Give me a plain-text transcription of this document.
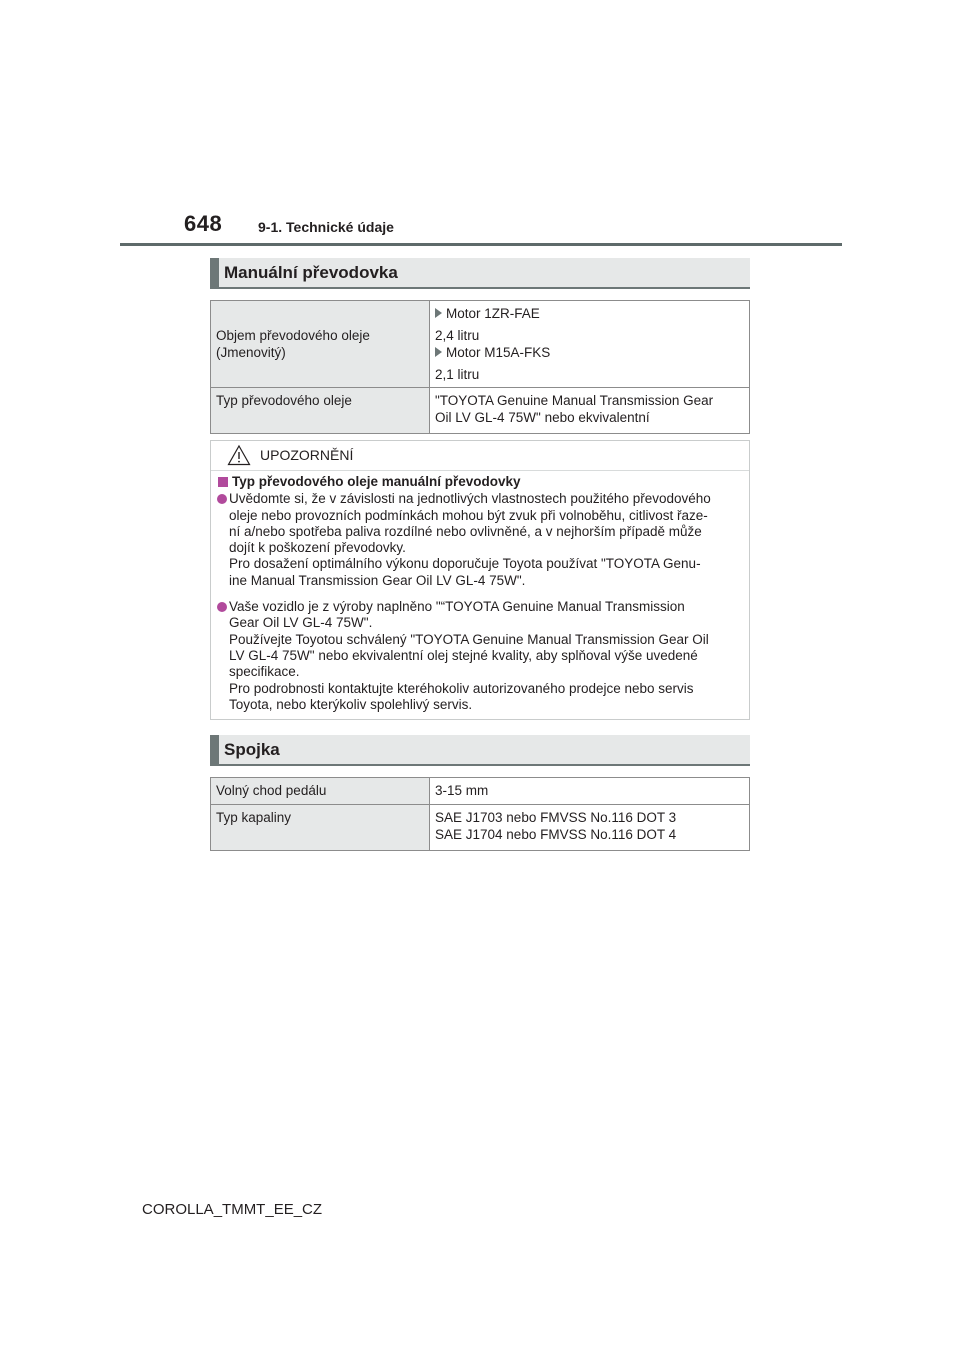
648	9-1. Technické údaje
Manuální převodovka
Objem převodového oleje
(Jmenovitý)	Motor 1ZR-FAE
2,4 litru
Motor M15A-FKS
2,1 litru

Typ převodového oleje	"TOYOTA Genuine Manual Transmission Gear
Oil LV GL-4 75W" nebo ekvivalentní
UPOZORNĚNÍ
Typ převodového oleje manuální převodovky
Uvědomte si, že v závislosti na jednotlivých vlastnostech použitého převodového
oleje nebo provozních podmínkách mohou být zvuk při volnoběhu, citlivost řaze-
ní a/nebo spotřeba paliva rozdílné nebo ovlivněné, a v nejhorším případě může
dojít k poškození převodovky.
Pro dosažení optimálního výkonu doporučuje Toyota používat "TOYOTA Genu-
ine Manual Transmission Gear Oil LV GL-4 75W".
Vaše vozidlo je z výroby naplněno "“TOYOTA Genuine Manual Transmission
Gear Oil LV GL-4 75W".
Používejte Toyotou schválený "TOYOTA Genuine Manual Transmission Gear Oil
LV GL-4 75W" nebo ekvivalentní olej stejné kvality, aby splňoval výše uvedené
specifikace.
Pro podrobnosti kontaktujte kteréhokoliv autorizovaného prodejce nebo servis
Toyota, nebo kterýkoliv spolehlivý servis.
Spojka
Volný chod pedálu	3-15 mm
Typ kapaliny	SAE J1703 nebo FMVSS No.116 DOT 3
SAE J1704 nebo FMVSS No.116 DOT 4
COROLLA_TMMT_EE_CZ
